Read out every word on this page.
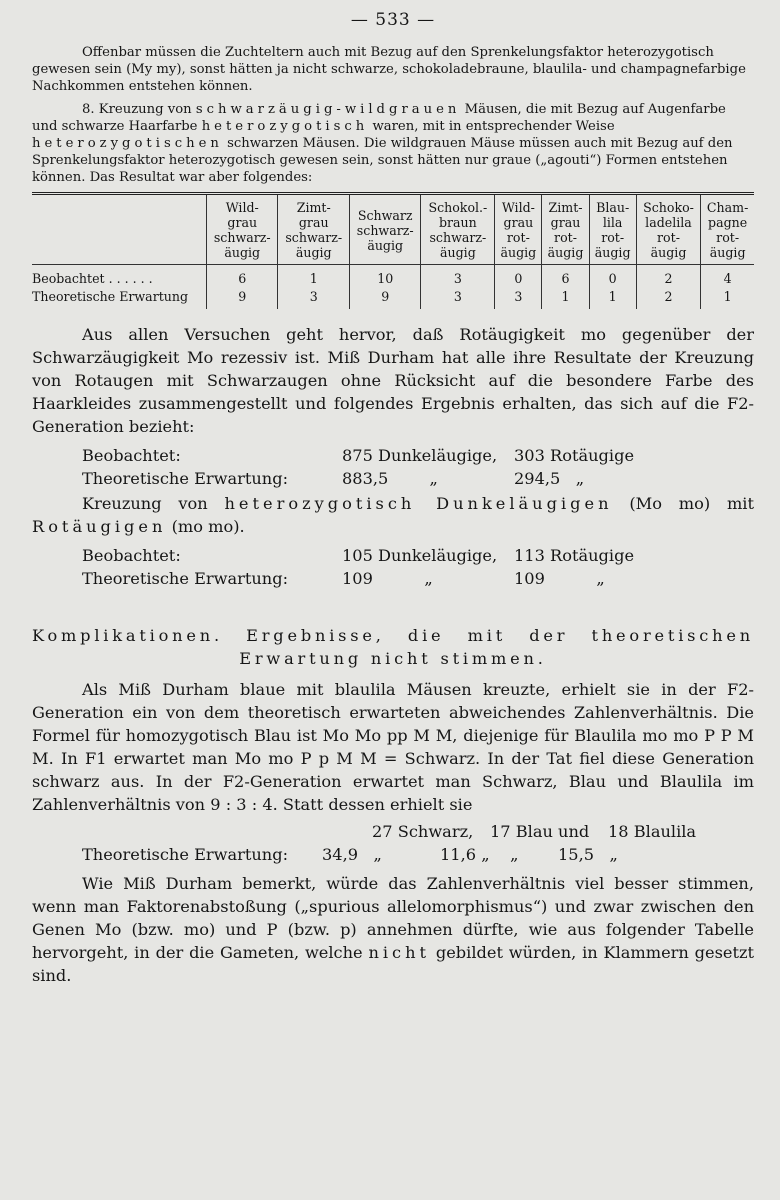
— 533 —

Offenbar müssen die Zuchteltern auch mit Bezug auf den Sprenkelungsfaktor heterozygotisch gewesen sein (My my), sonst hätten ja nicht schwarze, schokoladebraune, blaulila- und champagnefarbige Nachkommen entstehen können.

8. Kreuzung von schwarzäugig-wildgrauen Mäusen, die mit Bezug auf Augenfarbe und schwarze Haarfarbe heterozygotisch waren, mit in entsprechender Weise heterozygotischen schwarzen Mäusen. Die wildgrauen Mäuse müssen auch mit Bezug auf den Sprenkelungsfaktor heterozygotisch gewesen sein, sonst hätten nur graue („agouti“) Formen entstehen können. Das Resultat war aber folgendes:

	Wild-
grau
schwarz-
äugig	Zimt-
grau
schwarz-
äugig	Schwarz
schwarz-
äugig	Schokol.-
braun
schwarz-
äugig	Wild-
grau
rot-
äugig	Zimt-
grau
rot-
äugig	Blau-
lila
rot-
äugig	Schoko-
ladelila
rot-
äugig	Cham-
pagne
rot-
äugig
Beobachtet . . . . . .	6	1	10	3	0	6	0	2	4
Theoretische Erwartung	9	3	9	3	3	1	1	2	1

Aus allen Versuchen geht hervor, daß Rotäugigkeit mo gegenüber der Schwarzäugigkeit Mo rezessiv ist. Miß Durham hat alle ihre Resultate der Kreuzung von Rotaugen mit Schwarzaugen ohne Rücksicht auf die besondere Farbe des Haarkleides zusammengestellt und folgendes Ergebnis erhalten, das sich auf die F2-Generation bezieht:

Beobachtet:	875 Dunkeläugige,	303 Rotäugige
Theoretische Erwartung:	883,5        „	294,5   „

Kreuzung von heterozygotisch Dunkeläugigen (Mo mo) mit Rotäugigen (mo mo).

Beobachtet:	105 Dunkeläugige,	113 Rotäugige
Theoretische Erwartung:	109          „	109          „
Komplikationen. Ergebnisse, die mit der theoretischen
Erwartung nicht stimmen.

Als Miß Durham blaue mit blaulila Mäusen kreuzte, erhielt sie in der F2-Generation ein von dem theoretisch erwarteten abweichendes Zahlenverhältnis. Die Formel für homozygotisch Blau ist Mo Mo pp M M, diejenige für Blaulila mo mo P P M M. In F1 erwartet man Mo mo P p M M = Schwarz. In der Tat fiel diese Generation schwarz aus. In der F2-Generation erwartet man Schwarz, Blau und Blaulila im Zahlenverhältnis von 9 : 3 : 4. Statt dessen erhielt sie

27 Schwarz,	17 Blau und	18 Blaulila
Theoretische Erwartung:	34,9   „	11,6 „    „	15,5   „

Wie Miß Durham bemerkt, würde das Zahlenverhältnis viel besser stimmen, wenn man Faktorenabstoßung („spurious allelomorphismus“) und zwar zwischen den Genen Mo (bzw. mo) und P (bzw. p) annehmen dürfte, wie aus folgender Tabelle hervorgeht, in der die Gameten, welche nicht gebildet würden, in Klammern gesetzt sind.
